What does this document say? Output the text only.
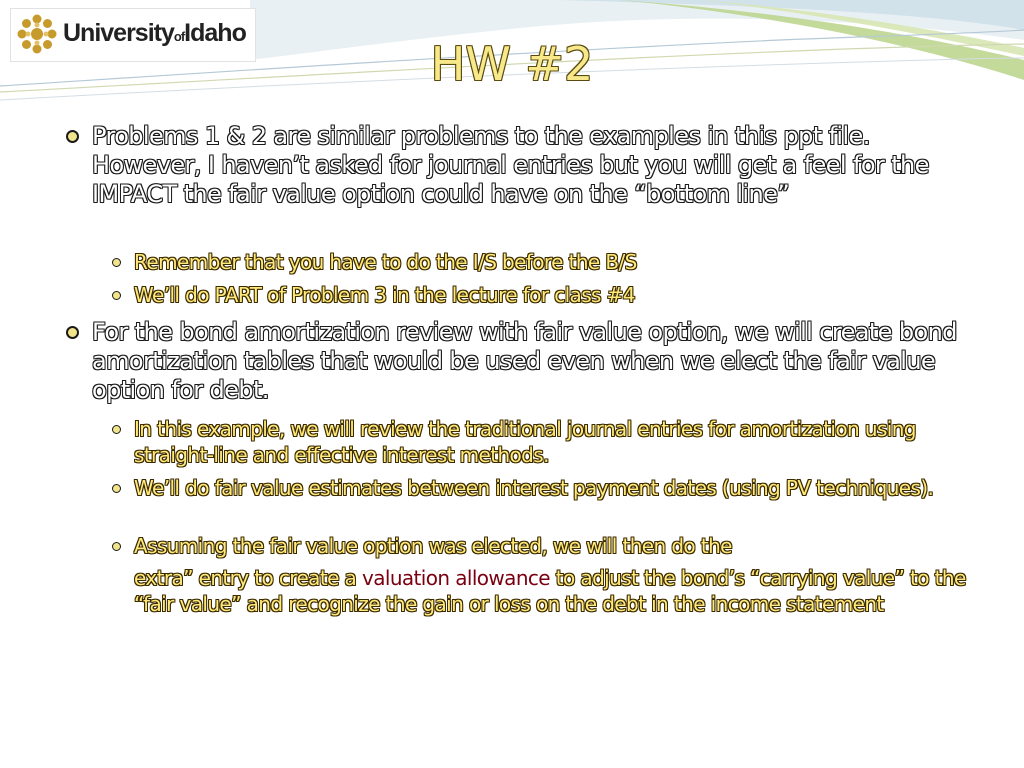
UniversityofIdaho
HW #2
Problems 1 & 2 are similar problems to the examples in this ppt file. However, I haven’t asked for journal entries but you will get a feel for the IMPACT the fair value option could have on the “bottom line”
Remember that you have to do the I/S before the B/S
We’ll do PART of Problem 3 in the lecture for class #4
For the bond amortization review with fair value option, we will create bond amortization tables that would be used even when we elect the fair value option for debt.
In this example, we will review the traditional journal entries for amortization using straight-line and effective interest methods.
We’ll do fair value estimates between interest payment dates (using PV techniques).
Assuming the fair value option was elected, we will then do the
extra” entry to create a valuation allowance to adjust the bond’s “carrying value” to the “fair value” and recognize the gain or loss on the debt in the income statement
